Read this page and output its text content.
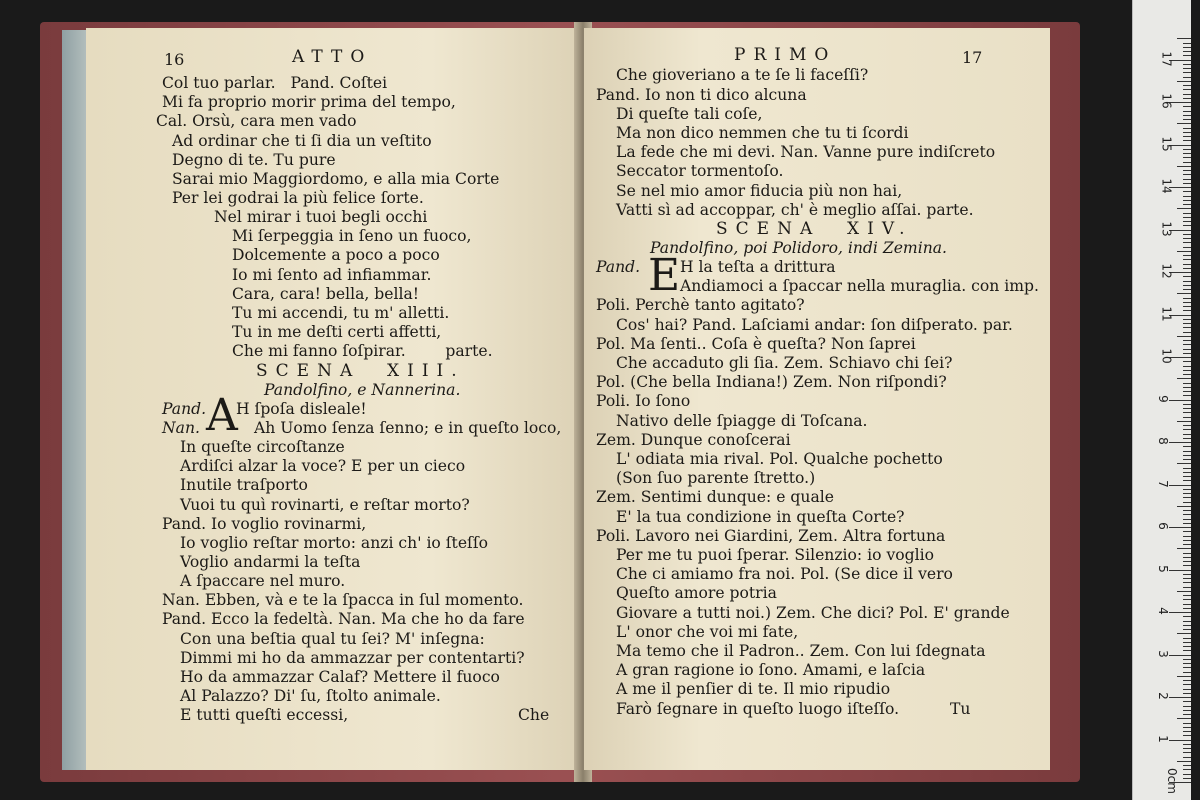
16	ATTO
Col tuo parlar.   Pand. Coſtei
Mi fa proprio morir prima del tempo,
Cal. Orsù, cara men vado
Ad ordinar che ti ſi dia un veſtito
Degno di te. Tu pure
Sarai mio Maggiordomo, e alla mia Corte
Per lei godrai la più felice ſorte.
Nel mirar i tuoi begli occhi
Mi ſerpeggia in ſeno un fuoco,
Dolcemente a poco a poco
Io mi ſento ad infiammar.
Cara, cara! bella, bella!
Tu mi accendi, tu m' alletti.
Tu in me deſti certi affetti,
Che mi fanno ſoſpirar.        parte.
SCENA  XIII.
Pandolfino, e Nannerina.
Pand. H ſpoſa disleale!
Nan.	Ah Uomo ſenza ſenno; e in queſto loco,
In queſte circoſtanze
Ardiſci alzar la voce? E per un cieco
Inutile traſporto
Vuoi tu quì rovinarti, e reſtar morto?
Pand. Io voglio rovinarmi,
Io voglio reſtar morto: anzi ch' io ſteſſo
Voglio andarmi la teſta
A ſpaccare nel muro.
Nan. Ebben, và e te la ſpacca in ſul momento.
Pand. Ecco la fedeltà. Nan. Ma che ho da fare
Con una beſtia qual tu ſei? M' inſegna:
Dimmi mi ho da ammazzar per contentarti?
Ho da ammazzar Calaf? Mettere il fuoco
Al Palazzo? Di' ſu, ſtolto animale.
E tutti queſti eccessi,
A
Che
PRIMO	17
Che gioveriano a te ſe li faceſſi?
Pand. Io non ti dico alcuna
Di queſte tali coſe,
Ma non dico nemmen che tu ti ſcordi
La fede che mi devi. Nan. Vanne pure indiſcreto
Seccator tormentoſo.
Se nel mio amor fiducia più non hai,
Vatti sì ad accoppar, ch' è meglio aſſai. parte.
SCENA  XIV.
Pandolfino, poi Polidoro, indi Zemina.
Pand.	H la teſta a drittura
Andiamoci a ſpaccar nella muraglia. con imp.
Poli. Perchè tanto agitato?
Cos' hai? Pand. Laſciami andar: ſon diſperato. par.
Pol. Ma ſenti.. Coſa è queſta? Non ſaprei
Che accaduto gli ſia. Zem. Schiavo chi ſei?
Pol. (Che bella Indiana!) Zem. Non riſpondi?
Poli. Io ſono
Nativo delle ſpiagge di Toſcana.
Zem. Dunque conoſcerai
L' odiata mia rival. Pol. Qualche pochetto
(Son ſuo parente ſtretto.)
Zem. Sentimi dunque: e quale
E' la tua condizione in queſta Corte?
Poli. Lavoro nei Giardini, Zem. Altra fortuna
Per me tu puoi ſperar. Silenzio: io voglio
Che ci amiamo fra noi. Pol. (Se dice il vero
Queſto amore potria
Giovare a tutti noi.) Zem. Che dici? Pol. E' grande
L' onor che voi mi fate,
Ma temo che il Padron.. Zem. Con lui ſdegnata
A gran ragione io ſono. Amami, e laſcia
A me il penſier di te. Il mio ripudio
Farò ſegnare in queſto luogo iſteſſo.
E
Tu
0cm
1
2
3
4
5
6
7
8
9
10
11
12
13
14
15
16
17
